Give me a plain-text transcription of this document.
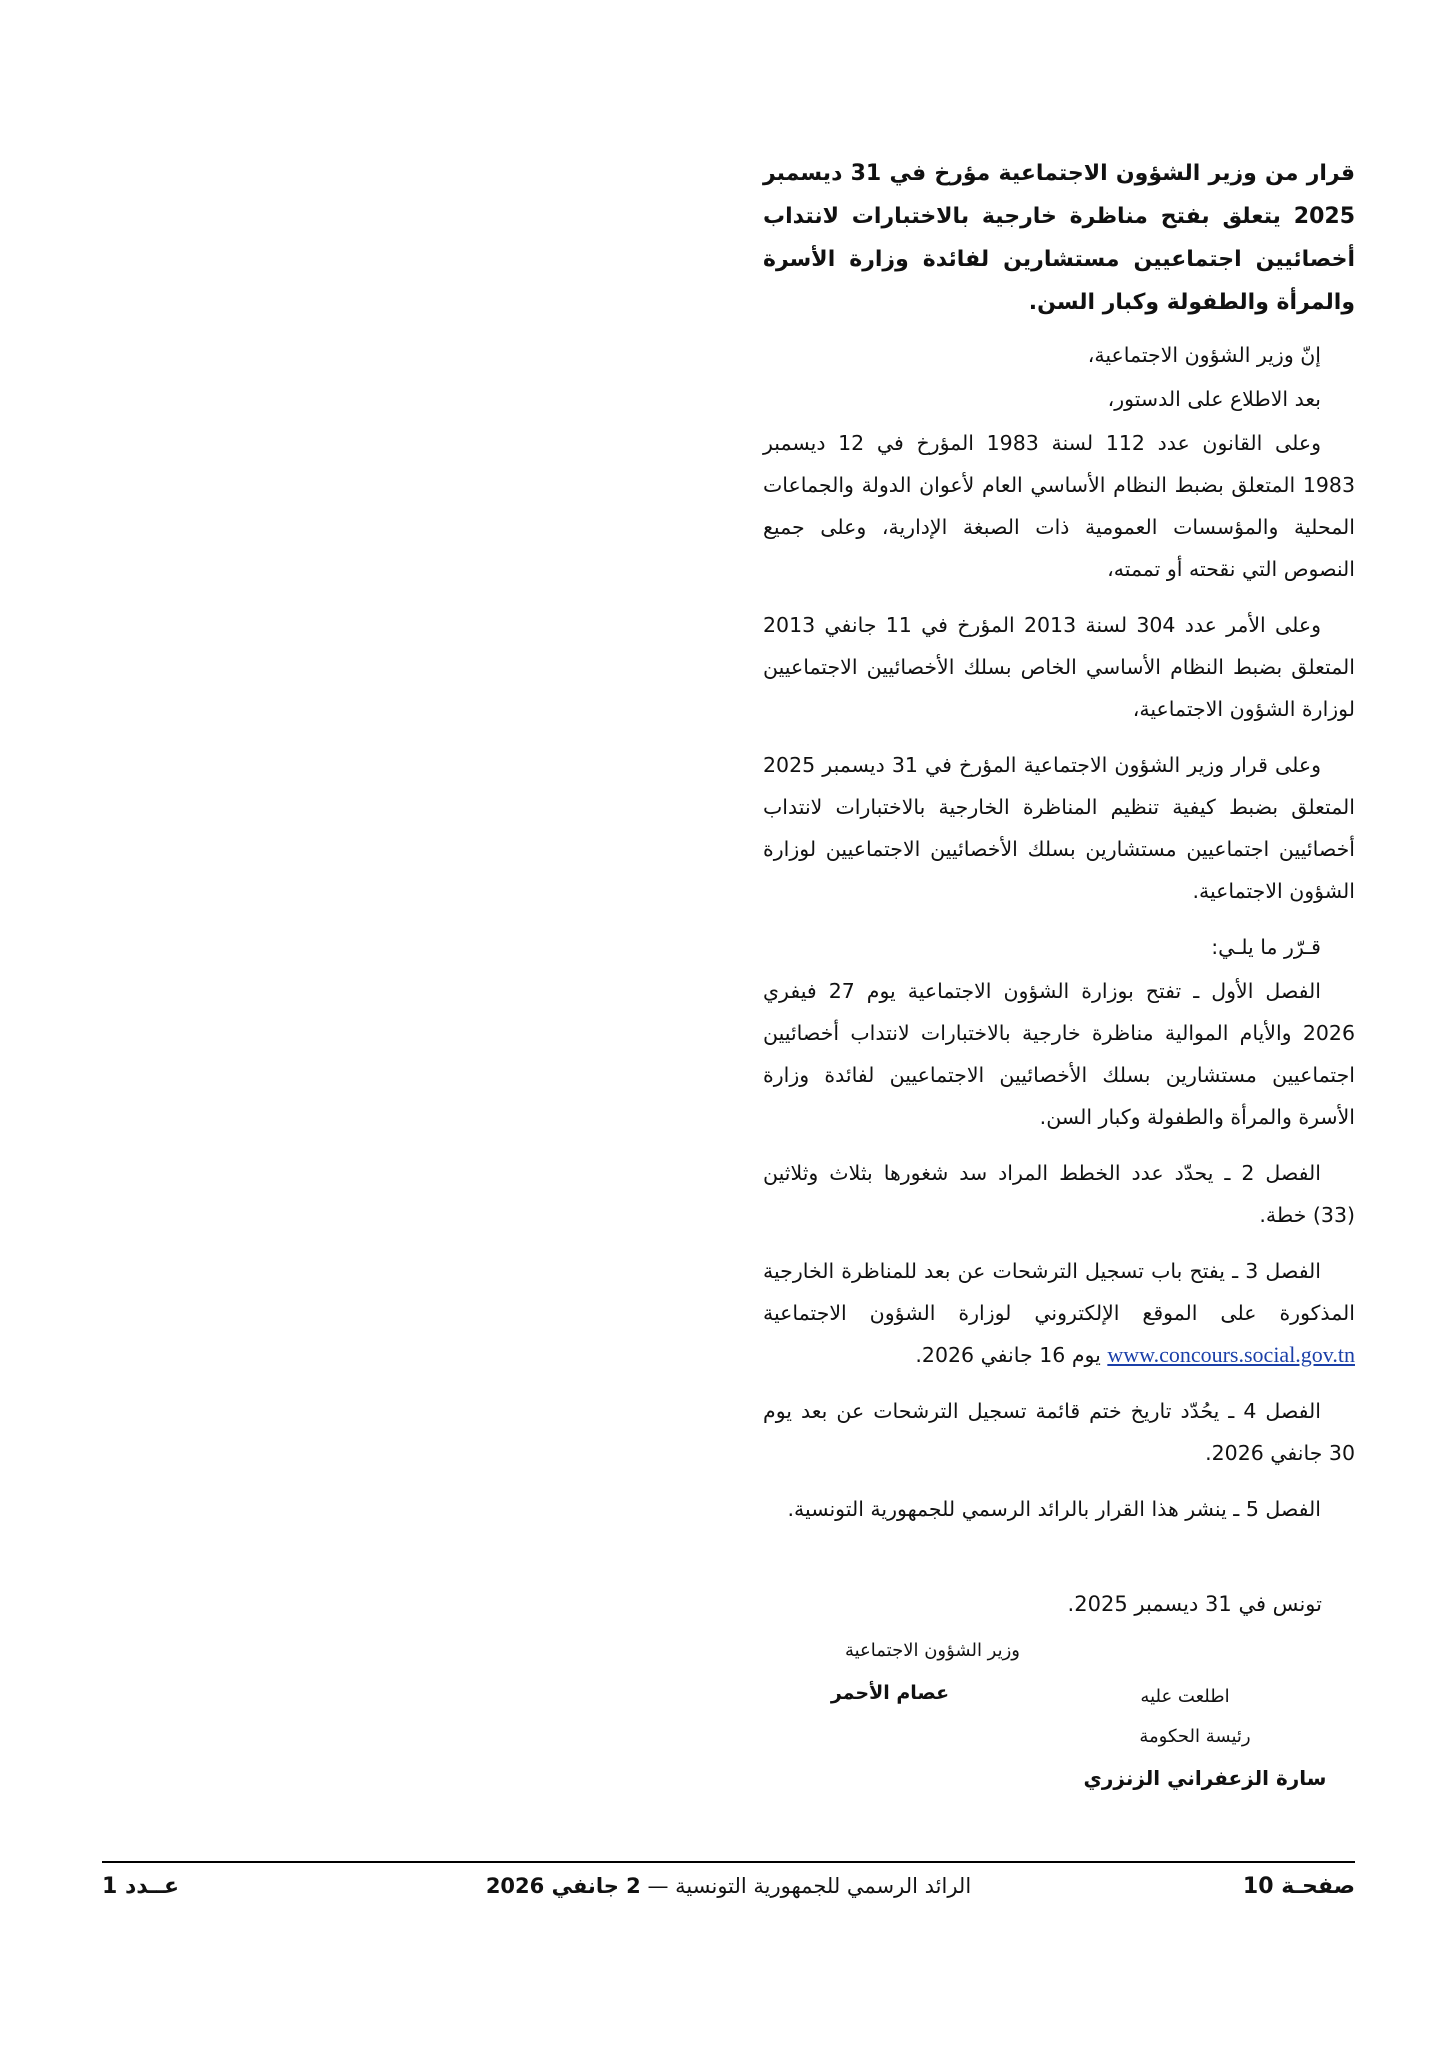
قرار من وزير الشؤون الاجتماعية مؤرخ في 31 ديسمبر 2025 يتعلق بفتح مناظرة خارجية بالاختبارات لانتداب أخصائيين اجتماعيين مستشارين لفائدة وزارة الأسرة والمرأة والطفولة وكبار السن.

إنّ وزير الشؤون الاجتماعية،

بعد الاطلاع على الدستور،

وعلى القانون عدد 112 لسنة 1983 المؤرخ في 12 ديسمبر 1983 المتعلق بضبط النظام الأساسي العام لأعوان الدولة والجماعات المحلية والمؤسسات العمومية ذات الصبغة الإدارية، وعلى جميع النصوص التي نقحته أو تممته،

وعلى الأمر عدد 304 لسنة 2013 المؤرخ في 11 جانفي 2013 المتعلق بضبط النظام الأساسي الخاص بسلك الأخصائيين الاجتماعيين لوزارة الشؤون الاجتماعية،

وعلى قرار وزير الشؤون الاجتماعية المؤرخ في 31 ديسمبر 2025 المتعلق بضبط كيفية تنظيم المناظرة الخارجية بالاختبارات لانتداب أخصائيين اجتماعيين مستشارين بسلك الأخصائيين الاجتماعيين لوزارة الشؤون الاجتماعية.

قـرّر ما يلـي:

الفصل الأول ـ تفتح بوزارة الشؤون الاجتماعية يوم 27 فيفري 2026 والأيام الموالية مناظرة خارجية بالاختبارات لانتداب أخصائيين اجتماعيين مستشارين بسلك الأخصائيين الاجتماعيين لفائدة وزارة الأسرة والمرأة والطفولة وكبار السن.

الفصل 2 ـ يحدّد عدد الخطط المراد سد شغورها بثلاث وثلاثين (33) خطة.

الفصل 3 ـ يفتح باب تسجيل الترشحات عن بعد للمناظرة الخارجية المذكورة على الموقع الإلكتروني لوزارة الشؤون الاجتماعية www.concours.social.gov.tn يوم 16 جانفي 2026.

الفصل 4 ـ يحُدّد تاريخ ختم قائمة تسجيل الترشحات عن بعد يوم 30 جانفي 2026.

الفصل 5 ـ ينشر هذا القرار بالرائد الرسمي للجمهورية التونسية.

تونس في 31 ديسمبر 2025.
وزير الشؤون الاجتماعية
عصام الأحمر	اطلعت عليه
رئيسة الحكومة
سارة الزعفراني الزنزري
صفحـة 10
الرائد الرسمي للجمهورية التونسية — 2 جانفي 2026
عــدد 1
